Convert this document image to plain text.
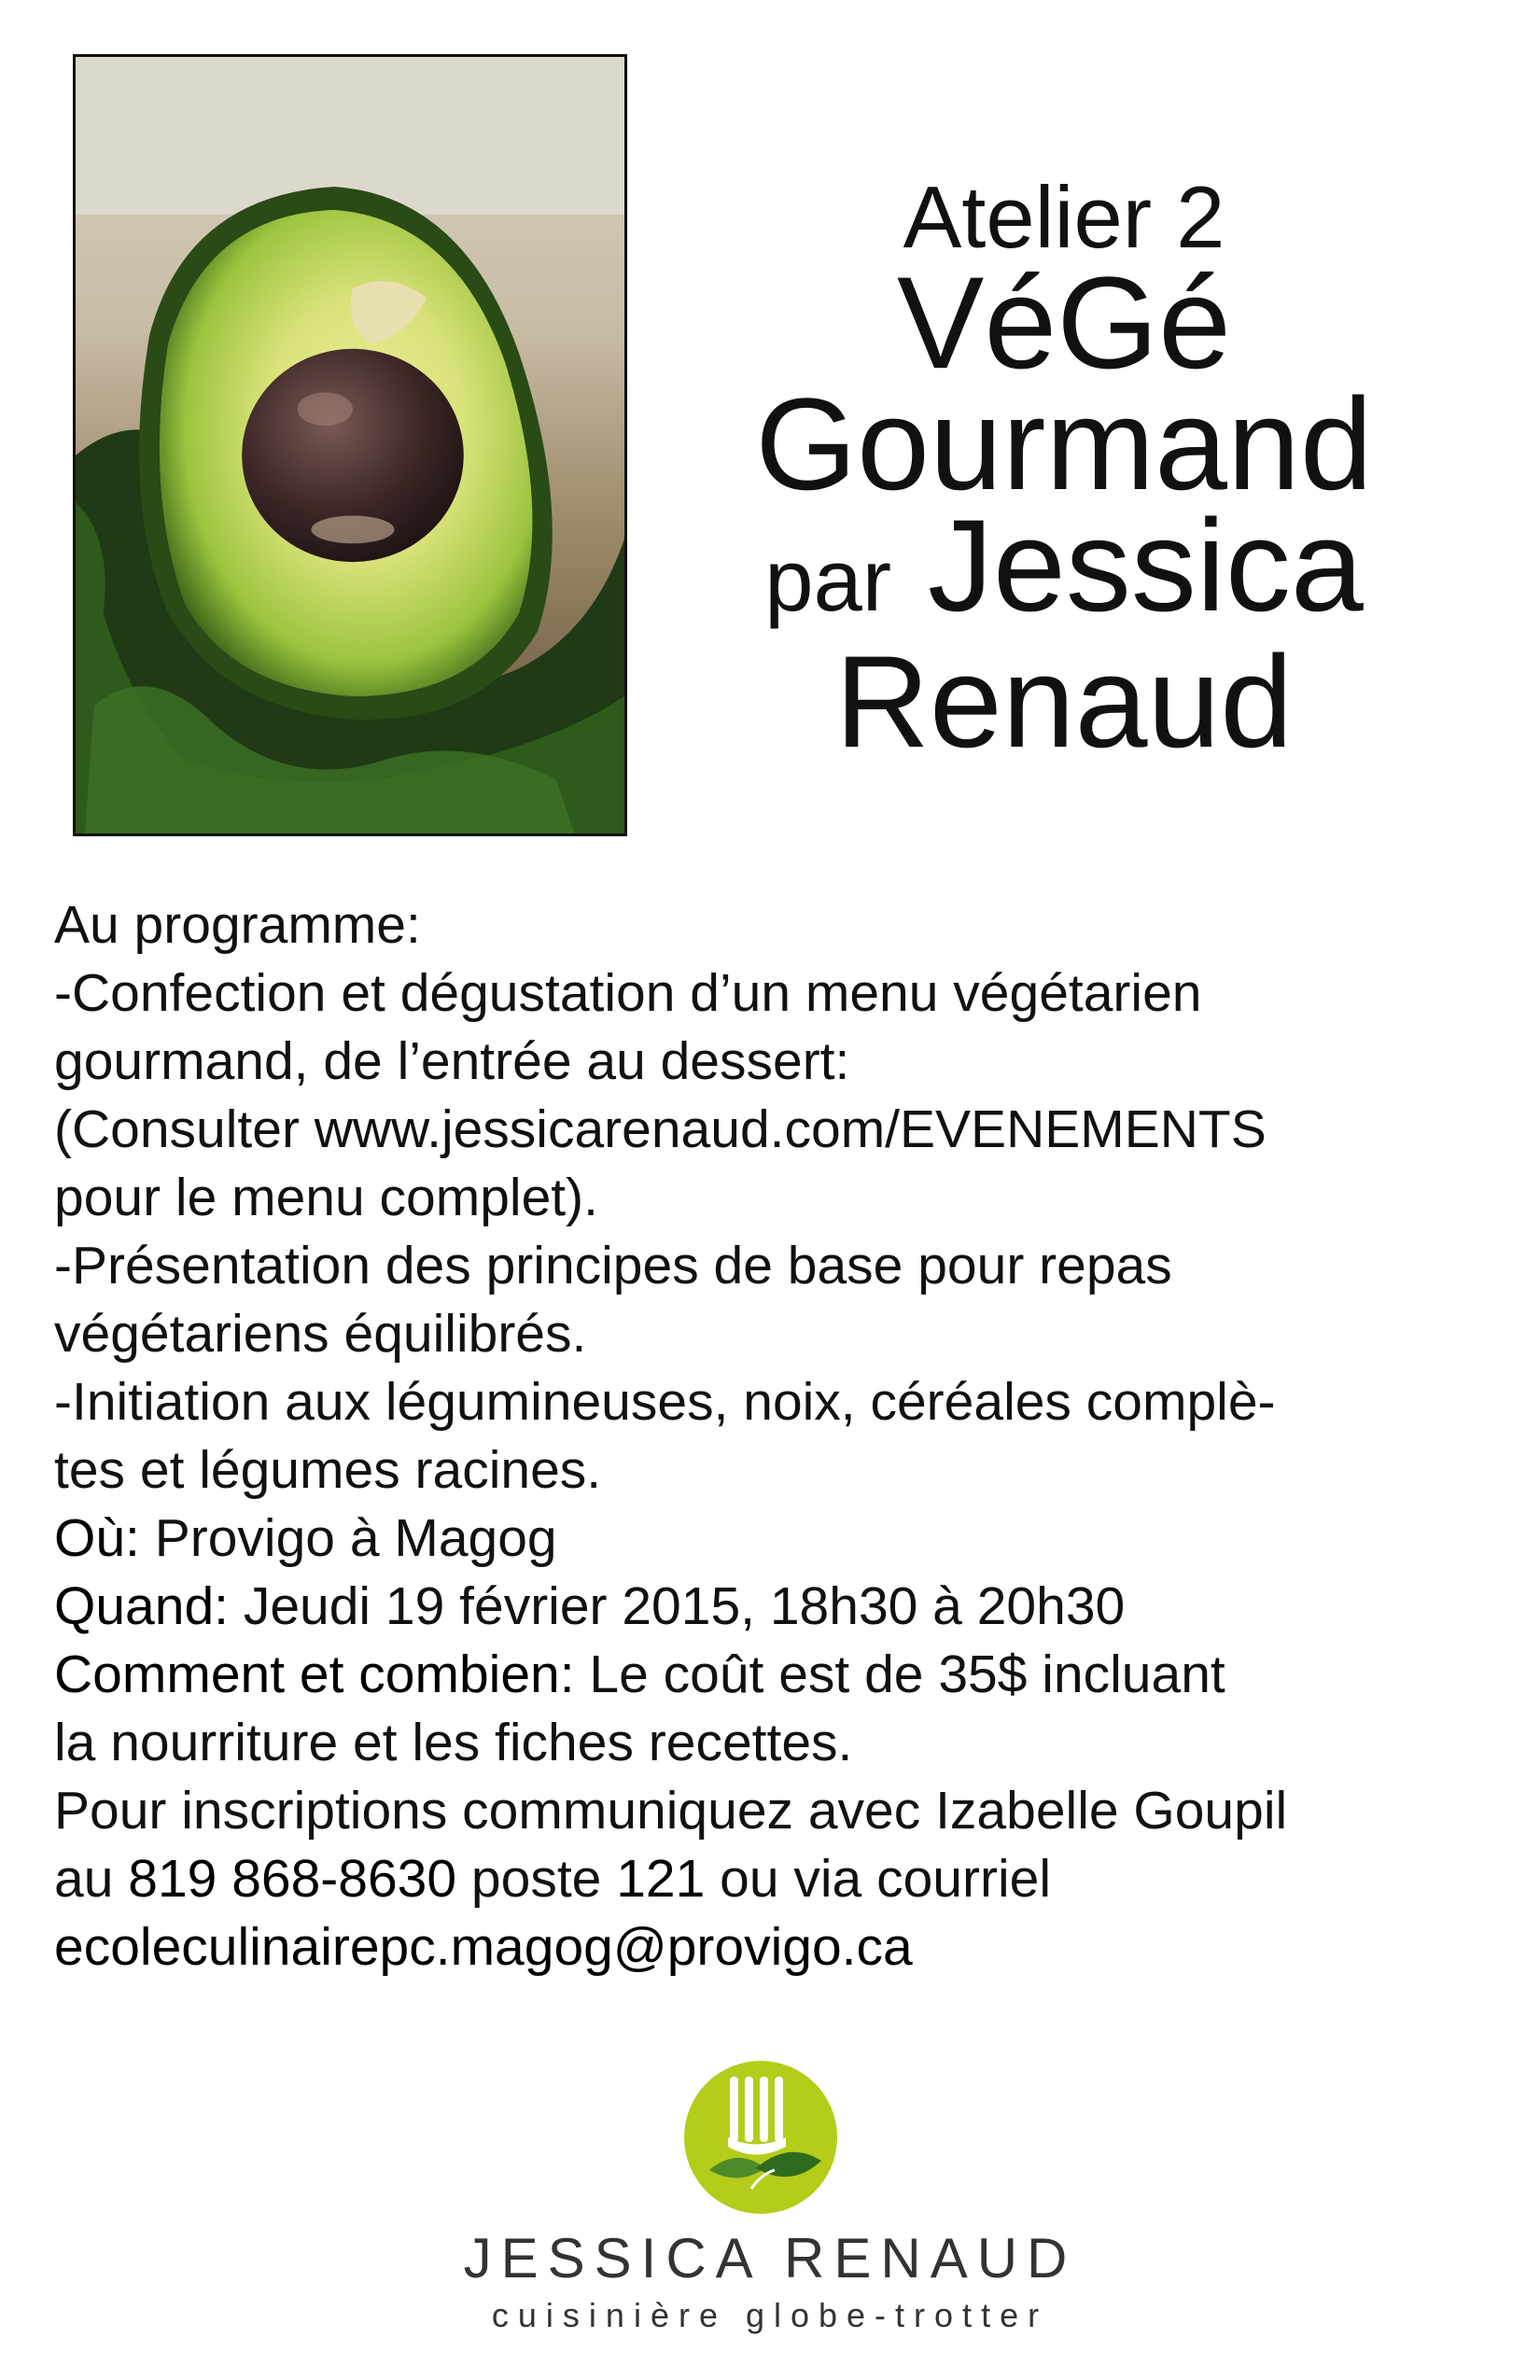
Atelier 2
VéGé
Gourmand
par Jessica
Renaud

Au programme:

-Confection et dégustation d’un menu végétarien

gourmand, de l’entrée au dessert:

(Consulter www.jessicarenaud.com/EVENEMENTS

pour le menu complet).

-Présentation des principes de base pour repas

végétariens équilibrés.

-Initiation aux légumineuses, noix, céréales complè-

tes et légumes racines.

Où: Provigo à Magog

Quand: Jeudi 19 février 2015, 18h30 à 20h30

Comment et combien: Le coût est de 35$ incluant

la nourriture et les fiches recettes.

Pour inscriptions communiquez avec Izabelle Goupil

au 819 868-8630 poste 121 ou via courriel

ecoleculinairepc.magog@provigo.ca

JESSICA RENAUD
cuisinière globe-trotter
